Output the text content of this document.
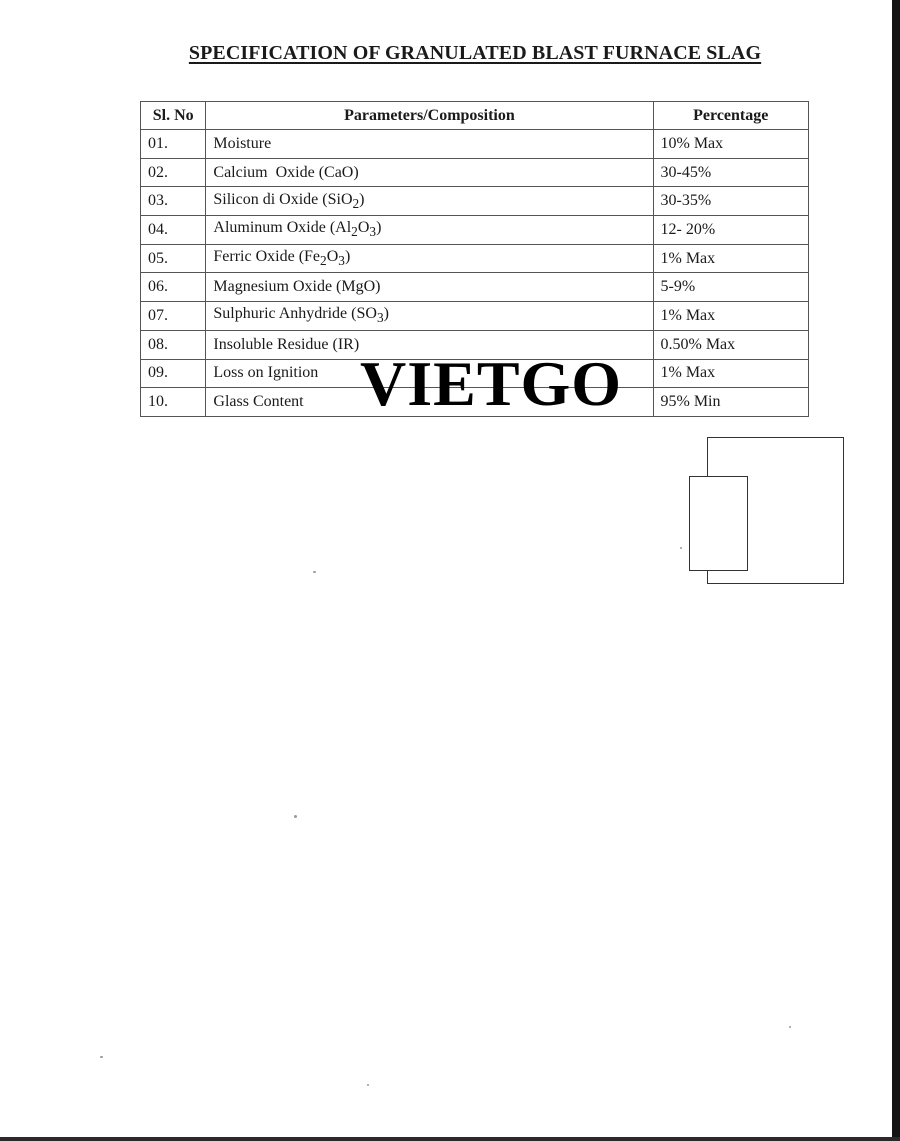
SPECIFICATION OF GRANULATED BLAST FURNACE SLAG
Sl. No	Parameters/Composition	Percentage
01.	Moisture	10% Max
02.	Calcium  Oxide (CaO)	30-45%
03.	Silicon di Oxide (SiO$_2$)	30-35%
04.	Aluminum Oxide $(Al_2O_3)$	12- 20%
05.	Ferric Oxide $(Fe_2O_3)$	1% Max
06.	Magnesium Oxide (MgO)	5-9%
07.	Sulphuric Anhydride $(SO_3)$	1% Max
08.	Insoluble Residue (IR)	0.50% Max
09.	Loss on Ignition	1% Max
10.	Glass Content	95% Min
VIETGO
